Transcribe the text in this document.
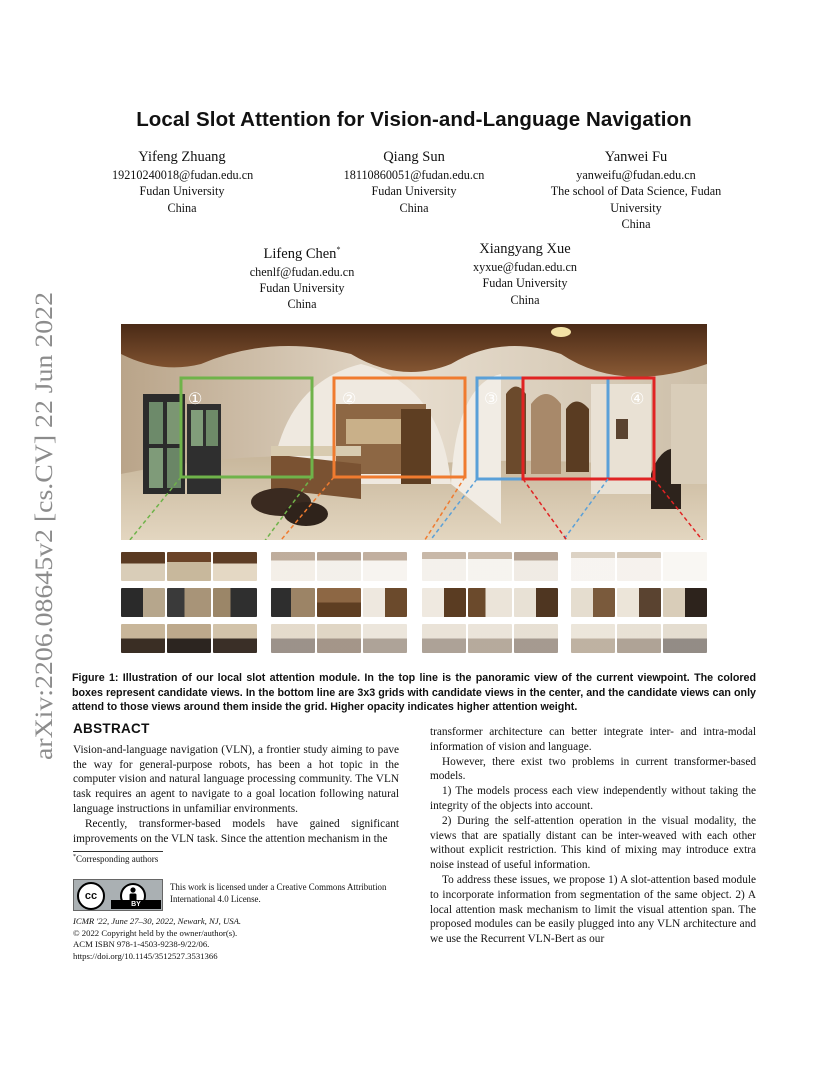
arXiv:2206.08645v2 [cs.CV] 22 Jun 2022
Local Slot Attention for Vision-and-Language Navigation
Yifeng Zhuang
19210240018@fudan.edu.cn
Fudan University
China
Qiang Sun
18110860051@fudan.edu.cn
Fudan University
China
Yanwei Fu
yanweifu@fudan.edu.cn
The school of Data Science, Fudan
University
China
Lifeng Chen*
chenlf@fudan.edu.cn
Fudan University
China
Xiangyang Xue
xyxue@fudan.edu.cn
Fudan University
China
①	②	③	④
Figure 1: Illustration of our local slot attention module. In the top line is the panoramic view of the current viewpoint. The colored boxes represent candidate views. In the bottom line are 3x3 grids with candidate views in the center, and the candidate views can only attend to those views around them inside the grid. Higher opacity indicates higher attention weight.
ABSTRACT

Vision-and-language navigation (VLN), a frontier study aiming to pave the way for general-purpose robots, has been a hot topic in the computer vision and natural language processing community. The VLN task requires an agent to navigate to a goal location following natural language instructions in unfamiliar environments.

Recently, transformer-based models have gained significant improvements on the VLN task. Since the attention mechanism in the

*Corresponding authors
cc
BY
This work is licensed under a Creative Commons Attribution International 4.0 License.
ICMR '22, June 27–30, 2022, Newark, NJ, USA.
© 2022 Copyright held by the owner/author(s).
ACM ISBN 978-1-4503-9238-9/22/06.
https://doi.org/10.1145/3512527.3531366

transformer architecture can better integrate inter- and intra-modal information of vision and language.

However, there exist two problems in current transformer-based models.

1) The models process each view independently without taking the integrity of the objects into account.

2) During the self-attention operation in the visual modality, the views that are spatially distant can be inter-weaved with each other without explicit restriction. This kind of mixing may introduce extra noise instead of useful information.

To address these issues, we propose 1) A slot-attention based module to incorporate information from segmentation of the same object. 2) A local attention mask mechanism to limit the visual attention span. The proposed modules can be easily plugged into any VLN architecture and we use the Recurrent VLN-Bert as our
